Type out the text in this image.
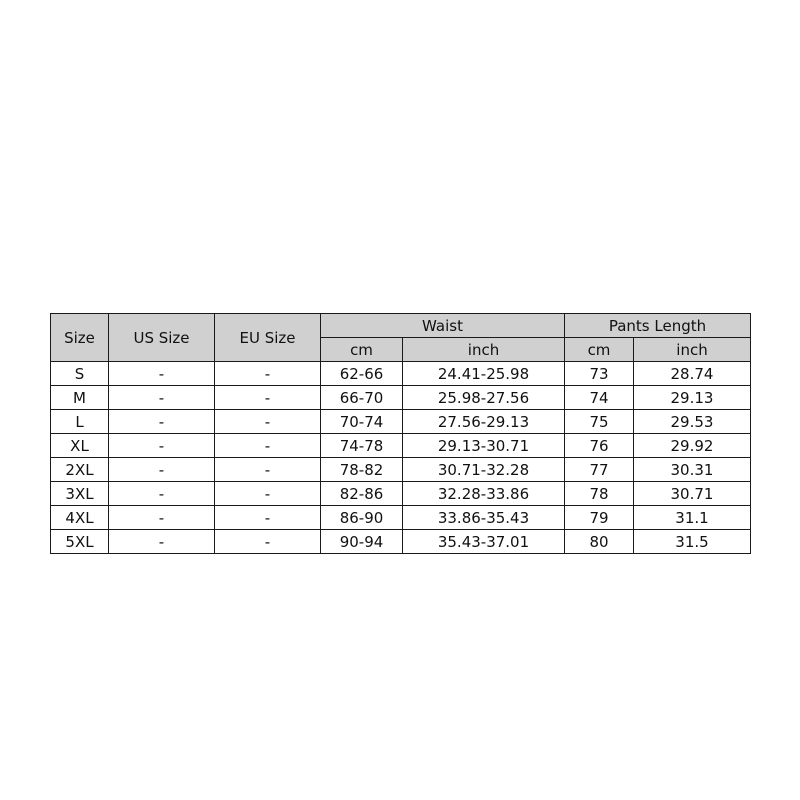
Size	US Size	EU Size	Waist		Pants Length	
			cm	inch	cm	inch
S	-	-	62-66	24.41-25.98	73	28.74
M	-	-	66-70	25.98-27.56	74	29.13
L	-	-	70-74	27.56-29.13	75	29.53
XL	-	-	74-78	29.13-30.71	76	29.92
2XL	-	-	78-82	30.71-32.28	77	30.31
3XL	-	-	82-86	32.28-33.86	78	30.71
4XL	-	-	86-90	33.86-35.43	79	31.1
5XL	-	-	90-94	35.43-37.01	80	31.5
